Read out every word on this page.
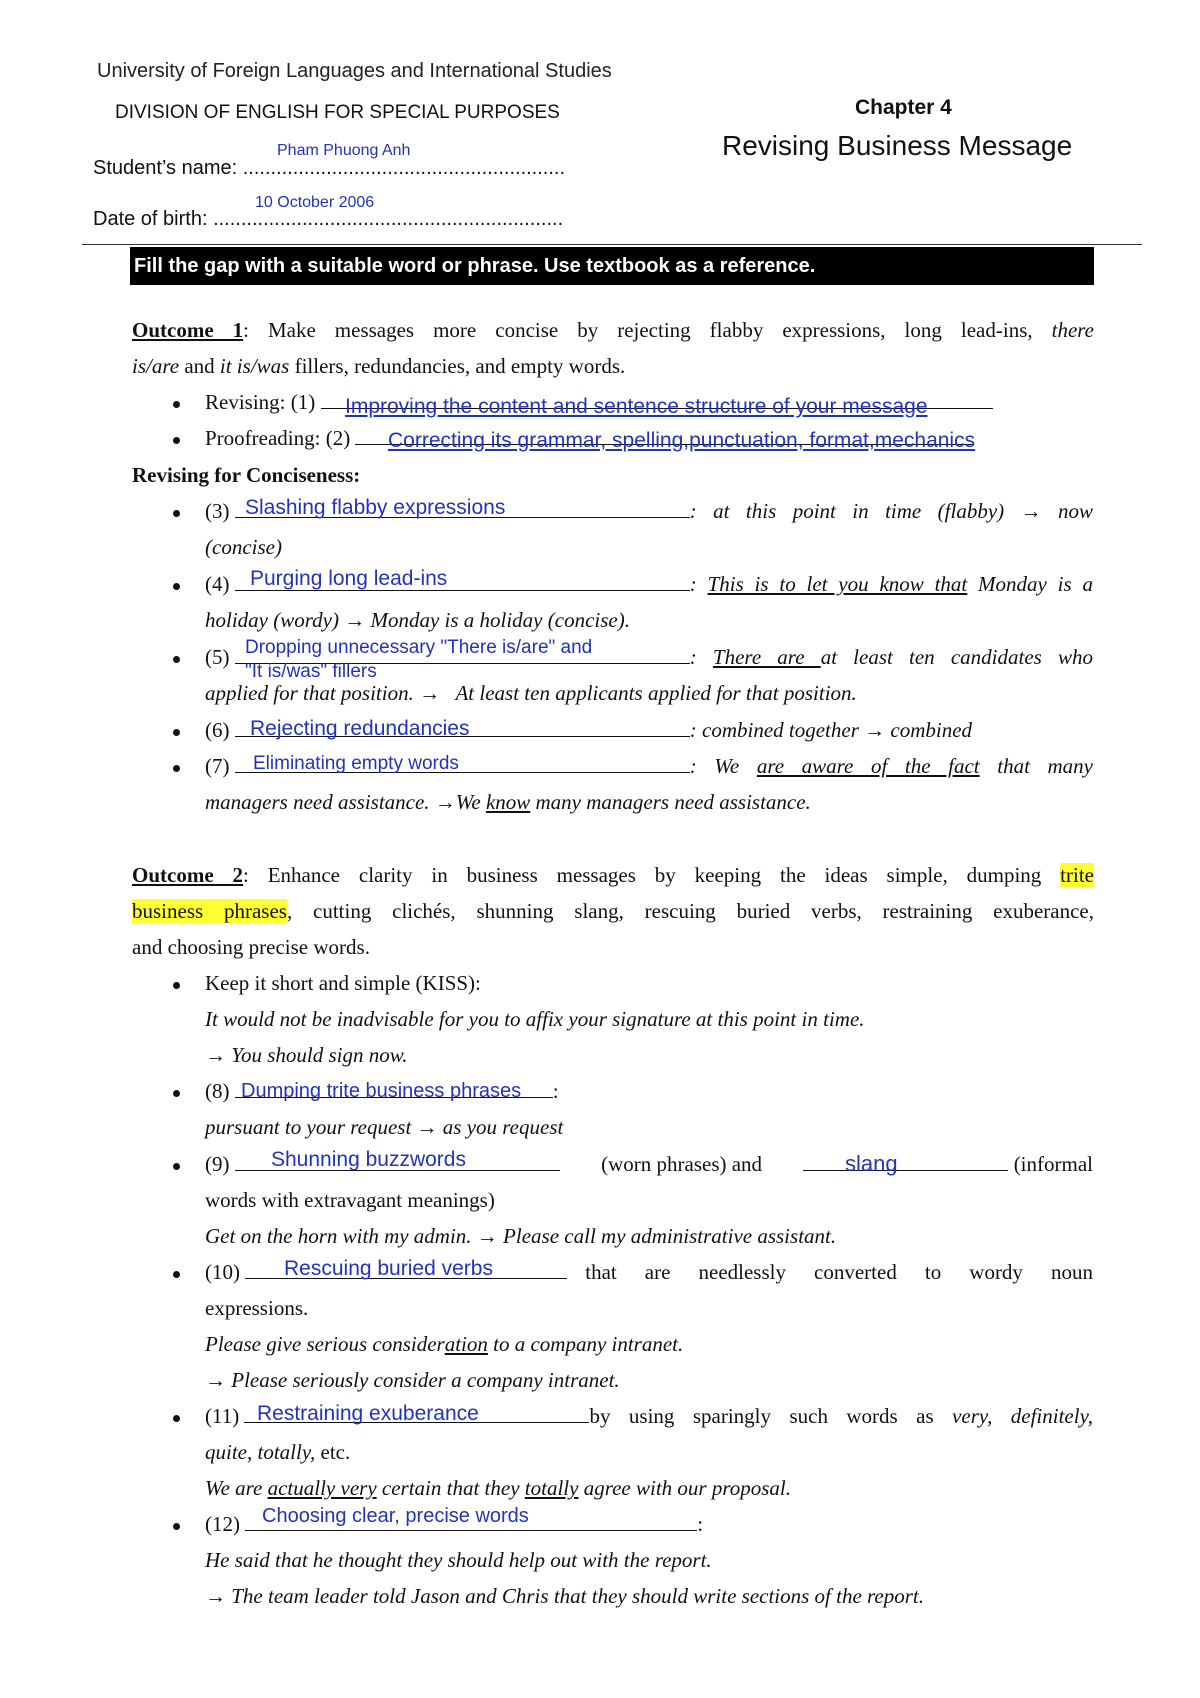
University of Foreign Languages and International Studies
DIVISION OF ENGLISH FOR SPECIAL PURPOSES	Chapter 4
Revising Business Message
Student’s name: ..........................................................
Pham Phuong Anh
Date of birth: ...............................................................
10 October 2006
Fill the gap with a suitable word or phrase. Use textbook as a reference.
Outcome 1: Make messages more concise by rejecting flabby expressions, long lead-ins, there
is/are and it is/was fillers, redundancies, and empty words.
Revising: (1)	Improving the content and sentence structure of your message
Proofreading: (2)	Correcting its grammar, spelling,punctuation, format,mechanics
Revising for Conciseness:
(3)	: at this point in time (flabby) → now
Slashing flabby expressions
(concise)
(4)	: This is to let you know that Monday is a
Purging long lead-ins
holiday (wordy) → Monday is a holiday (concise).
(5)	: There are at least ten candidates who
Dropping unnecessary "There is/are" and
"It is/was" fillers
applied for that position. →   At least ten applicants applied for that position.
(6)	: combined together → combined
Rejecting redundancies
(7)	: We are aware of the fact that many
Eliminating empty words
managers need assistance. →We know many managers need assistance.
Outcome 2: Enhance clarity in business messages by keeping the ideas simple, dumping trite
business phrases, cutting clichés, shunning slang, rescuing buried verbs, restraining exuberance,
and choosing precise words.
Keep it short and simple (KISS):
It would not be inadvisable for you to affix your signature at this point in time.
→ You should sign now.
(8)	:
Dumping trite business phrases
pursuant to your request → as you request
(9)	(worn phrases) and	(informal
Shunning buzzwords	slang
words with extravagant meanings)
Get on the horn with my admin. → Please call my administrative assistant.
(10)	that are needlessly converted to wordy noun
Rescuing buried verbs
expressions.
Please give serious consideration to a company intranet.
→ Please seriously consider a company intranet.
(11)	by using sparingly such words as very, definitely,
Restraining exuberance
quite, totally, etc.
We are actually very certain that they totally agree with our proposal.
(12)	:
Choosing clear, precise words
He said that he thought they should help out with the report.
→ The team leader told Jason and Chris that they should write sections of the report.
